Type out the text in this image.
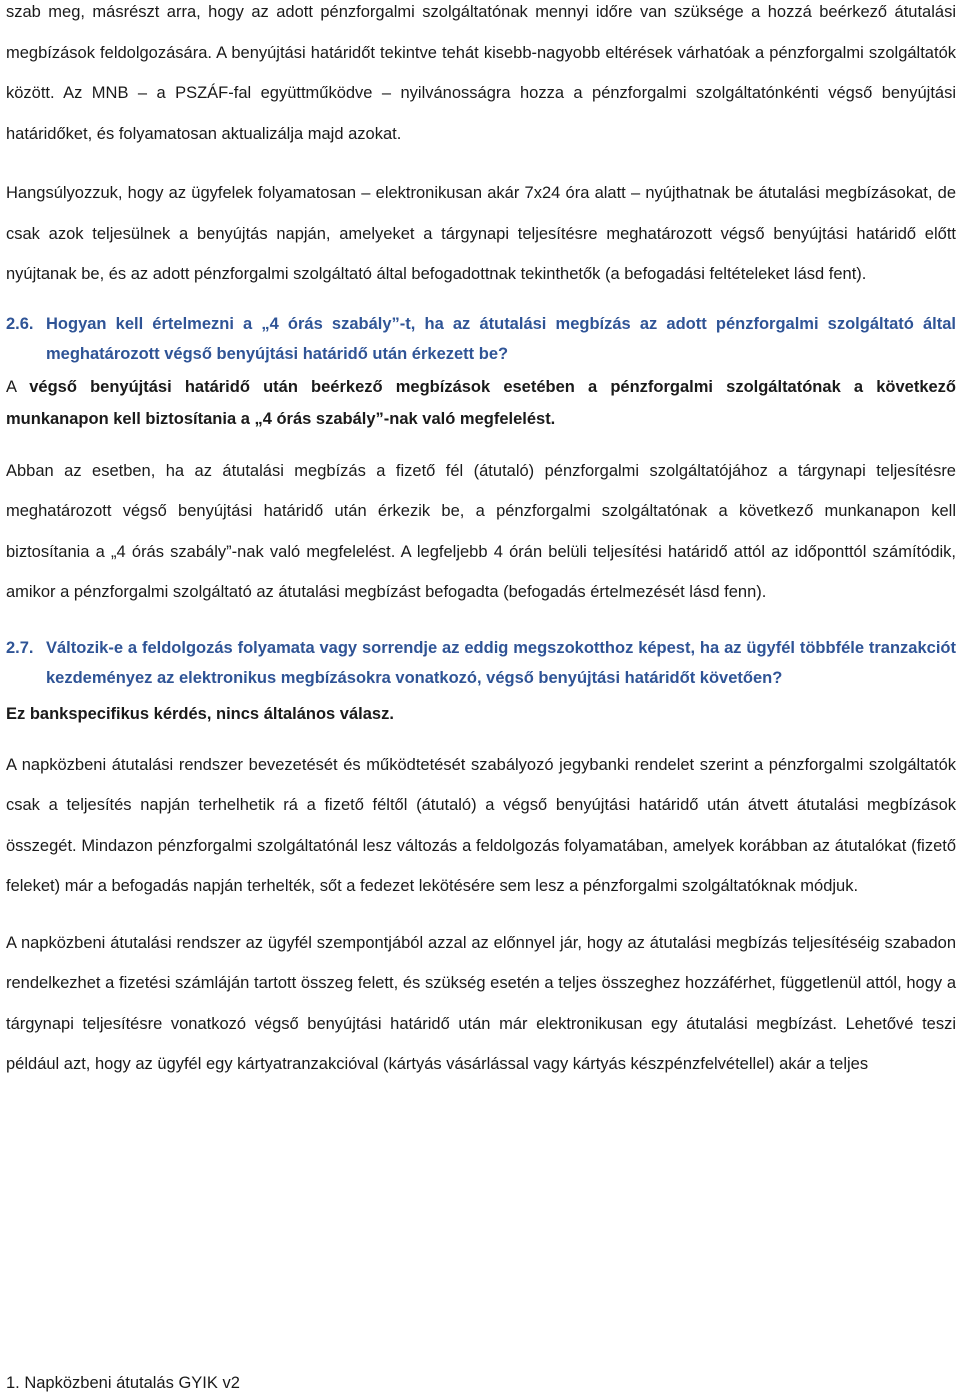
szab meg, másrészt arra, hogy az adott pénzforgalmi szolgáltatónak mennyi időre van szüksége a hozzá beérkező átutalási megbízások feldolgozására. A benyújtási határidőt tekintve tehát kisebb-nagyobb eltérések várhatóak a pénzforgalmi szolgáltatók között. Az MNB – a PSZÁF-fal együttműködve – nyilvánosságra hozza a pénzforgalmi szolgáltatónkénti végső benyújtási határidőket, és folyamatosan aktualizálja majd azokat.

Hangsúlyozzuk, hogy az ügyfelek folyamatosan – elektronikusan akár 7x24 óra alatt – nyújthatnak be átutalási megbízásokat, de csak azok teljesülnek a benyújtás napján, amelyeket a tárgynapi teljesítésre meghatározott végső benyújtási határidő előtt nyújtanak be, és az adott pénzforgalmi szolgáltató által befogadottnak tekinthetők (a befogadási feltételeket lásd fent).

2.6. Hogyan kell értelmezni a „4 órás szabály”-t, ha az átutalási megbízás az adott pénzforgalmi szolgáltató által meghatározott végső benyújtási határidő után érkezett be?

A végső benyújtási határidő után beérkező megbízások esetében a pénzforgalmi szolgáltatónak a következő munkanapon kell biztosítania a „4 órás szabály”-nak való megfelelést.

Abban az esetben, ha az átutalási megbízás a fizető fél (átutaló) pénzforgalmi szolgáltatójához a tárgynapi teljesítésre meghatározott végső benyújtási határidő után érkezik be, a pénzforgalmi szolgáltatónak a következő munkanapon kell biztosítania a „4 órás szabály”-nak való megfelelést. A legfeljebb 4 órán belüli teljesítési határidő attól az időponttól számítódik, amikor a pénzforgalmi szolgáltató az átutalási megbízást befogadta (befogadás értelmezését lásd fenn).

2.7. Változik-e a feldolgozás folyamata vagy sorrendje az eddig megszokotthoz képest, ha az ügyfél többféle tranzakciót kezdeményez az elektronikus megbízásokra vonatkozó, végső benyújtási határidőt követően?

Ez bankspecifikus kérdés, nincs általános válasz.

A napközbeni átutalási rendszer bevezetését és működtetését szabályozó jegybanki rendelet szerint a pénzforgalmi szolgáltatók csak a teljesítés napján terhelhetik rá a fizető féltől (átutaló) a végső benyújtási határidő után átvett átutalási megbízások összegét. Mindazon pénzforgalmi szolgáltatónál lesz változás a feldolgozás folyamatában, amelyek korábban az átutalókat (fizető feleket) már a befogadás napján terhelték, sőt a fedezet lekötésére sem lesz a pénzforgalmi szolgáltatóknak módjuk.

A napközbeni átutalási rendszer az ügyfél szempontjából azzal az előnnyel jár, hogy az átutalási megbízás teljesítéséig szabadon rendelkezhet a fizetési számláján tartott összeg felett, és szükség esetén a teljes összeghez hozzáférhet, függetlenül attól, hogy a tárgynapi teljesítésre vonatkozó végső benyújtási határidő után már elektronikusan egy átutalási megbízást. Lehetővé teszi például azt, hogy az ügyfél egy kártyatranzakcióval (kártyás vásárlással vagy kártyás készpénzfelvétellel) akár a teljes

1. Napközbeni átutalás GYIK v2
